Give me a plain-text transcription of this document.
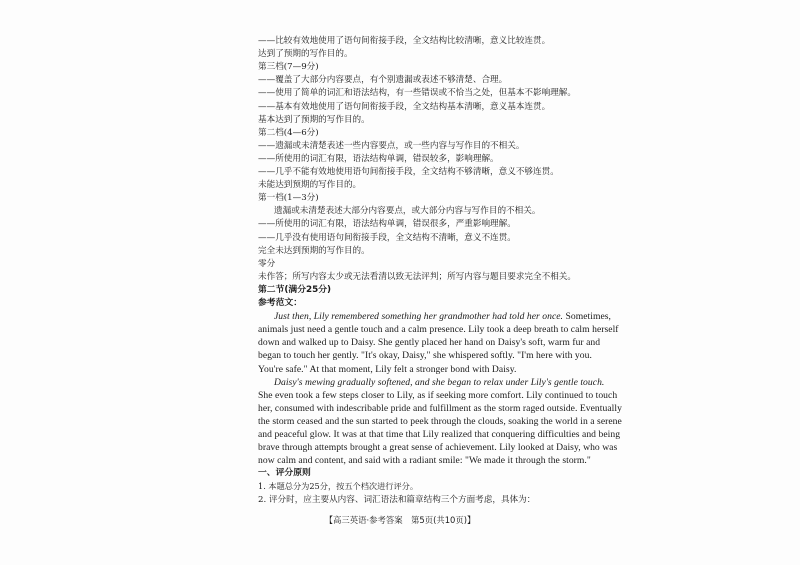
——比较有效地使用了语句间衔接手段，全文结构比较清晰，意义比较连贯。
达到了预期的写作目的。
第三档(7—9分)
——覆盖了大部分内容要点，有个别遗漏或表述不够清楚、合理。
——使用了简单的词汇和语法结构，有一些错误或不恰当之处，但基本不影响理解。
——基本有效地使用了语句间衔接手段，全文结构基本清晰，意义基本连贯。
基本达到了预期的写作目的。
第二档(4—6分)
——遗漏或未清楚表述一些内容要点，或一些内容与写作目的不相关。
——所使用的词汇有限，语法结构单调，错误较多，影响理解。
——几乎不能有效地使用语句间衔接手段，全文结构不够清晰，意义不够连贯。
未能达到预期的写作目的。
第一档(1—3分)
遗漏或未清楚表述大部分内容要点，或大部分内容与写作目的不相关。
——所使用的词汇有限，语法结构单调，错误很多，严重影响理解。
——几乎没有使用语句间衔接手段，全文结构不清晰，意义不连贯。
完全未达到预期的写作目的。
零分
未作答；所写内容太少或无法看清以致无法评判；所写内容与题目要求完全不相关。
第二节(满分25分)
参考范文：
Just then, Lily remembered something her grandmother had told her once. Sometimes,
animals just need a gentle touch and a calm presence. Lily took a deep breath to calm herself
down and walked up to Daisy. She gently placed her hand on Daisy's soft, warm fur and
began to touch her gently. "It's okay, Daisy," she whispered softly. "I'm here with you.
You're safe." At that moment, Lily felt a stronger bond with Daisy.
Daisy's mewing gradually softened, and she began to relax under Lily's gentle touch.
She even took a few steps closer to Lily, as if seeking more comfort. Lily continued to touch
her, consumed with indescribable pride and fulfillment as the storm raged outside. Eventually
the storm ceased and the sun started to peek through the clouds, soaking the world in a serene
and peaceful glow. It was at that time that Lily realized that conquering difficulties and being
brave through attempts brought a great sense of achievement. Lily looked at Daisy, who was
now calm and content, and said with a radiant smile: "We made it through the storm."
一、评分原则
1. 本题总分为25分，按五个档次进行评分。
2. 评分时，应主要从内容、词汇语法和篇章结构三个方面考虑，具体为：
【高三英语·参考答案　第5页(共10页)】
